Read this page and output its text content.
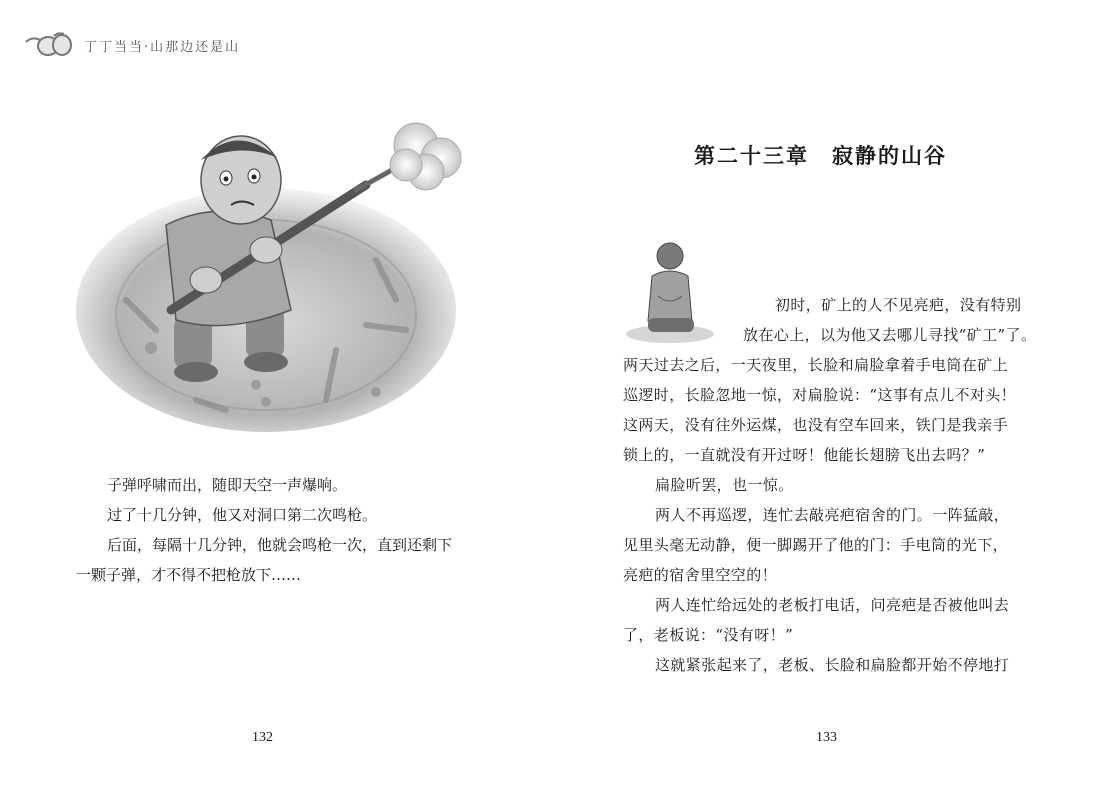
丁丁当当·山那边还是山

子弹呼啸而出，随即天空一声爆响。

过了十几分钟，他又对洞口第二次鸣枪。

后面，每隔十几分钟，他就会鸣枪一次，直到还剩下

一颗子弹，才不得不把枪放下……

132
第二十三章　寂静的山谷

初时，矿上的人不见亮疤，没有特别

放在心上，以为他又去哪儿寻找“矿工”了。

两天过去之后，一天夜里，长脸和扁脸拿着手电筒在矿上

巡逻时，长脸忽地一惊，对扁脸说：“这事有点儿不对头！

这两天，没有往外运煤，也没有空车回来，铁门是我亲手

锁上的，一直就没有开过呀！他能长翅膀飞出去吗？”

扁脸听罢，也一惊。

两人不再巡逻，连忙去敲亮疤宿舍的门。一阵猛敲，

见里头毫无动静，便一脚踢开了他的门：手电筒的光下，

亮疤的宿舍里空空的！

两人连忙给远处的老板打电话，问亮疤是否被他叫去

了，老板说：“没有呀！”

这就紧张起来了，老板、长脸和扁脸都开始不停地打

133
